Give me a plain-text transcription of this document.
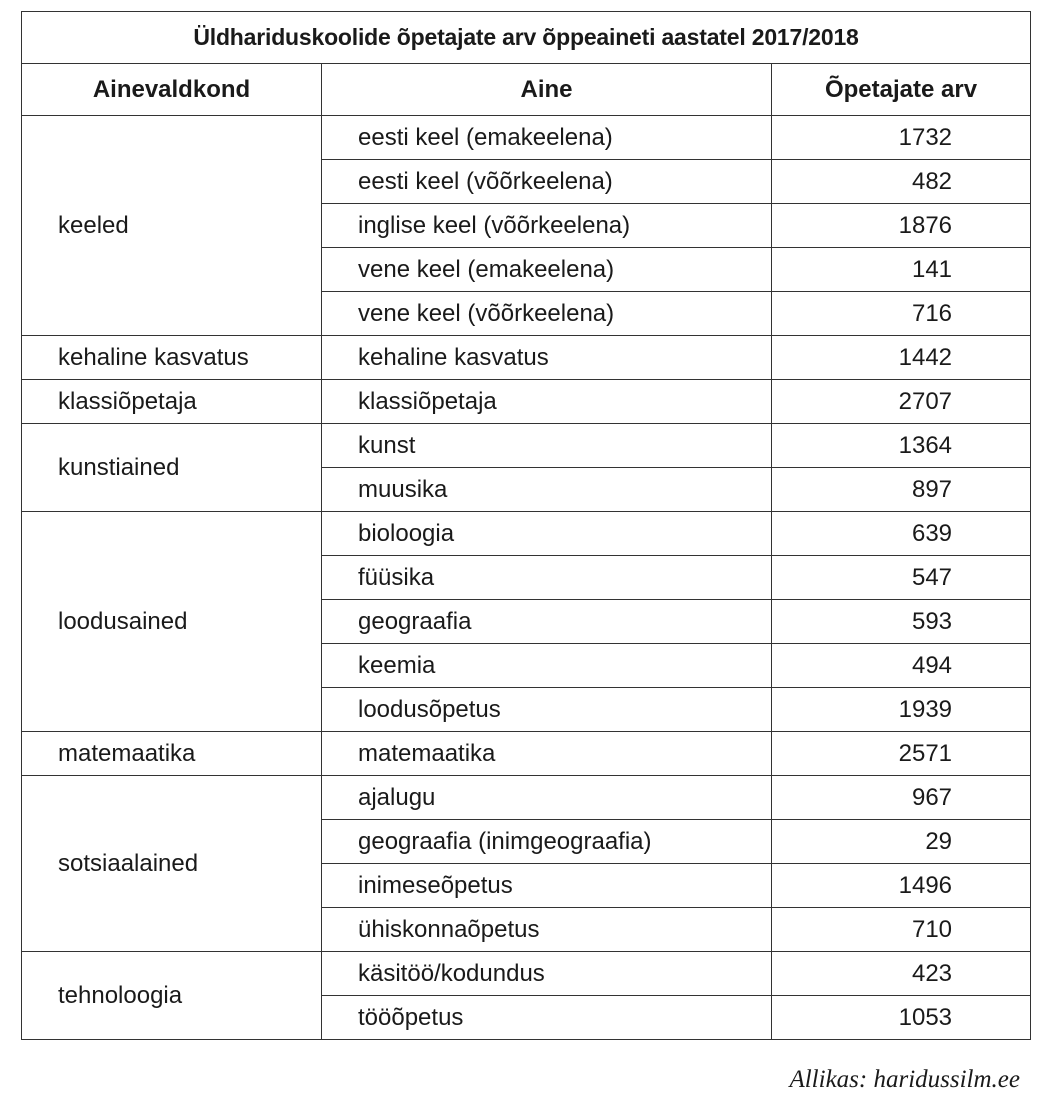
Üldhariduskoolide õpetajate arv õppeaineti aastatel 2017/2018		
Ainevaldkond	Aine	Õpetajate arv
keeled	eesti keel (emakeelena)	1732
	eesti keel (võõrkeelena)	482
	inglise keel (võõrkeelena)	1876
	vene keel (emakeelena)	141
	vene keel (võõrkeelena)	716
kehaline kasvatus	kehaline kasvatus	1442
klassiõpetaja	klassiõpetaja	2707
kunstiained	kunst	1364
	muusika	897
loodusained	bioloogia	639
	füüsika	547
	geograafia	593
	keemia	494
	loodusõpetus	1939
matemaatika	matemaatika	2571
sotsiaalained	ajalugu	967
	geograafia (inimgeograafia)	29
	inimeseõpetus	1496
	ühiskonnaõpetus	710
tehnoloogia	käsitöö/kodundus	423
	tööõpetus	1053
Allikas: haridussilm.ee
